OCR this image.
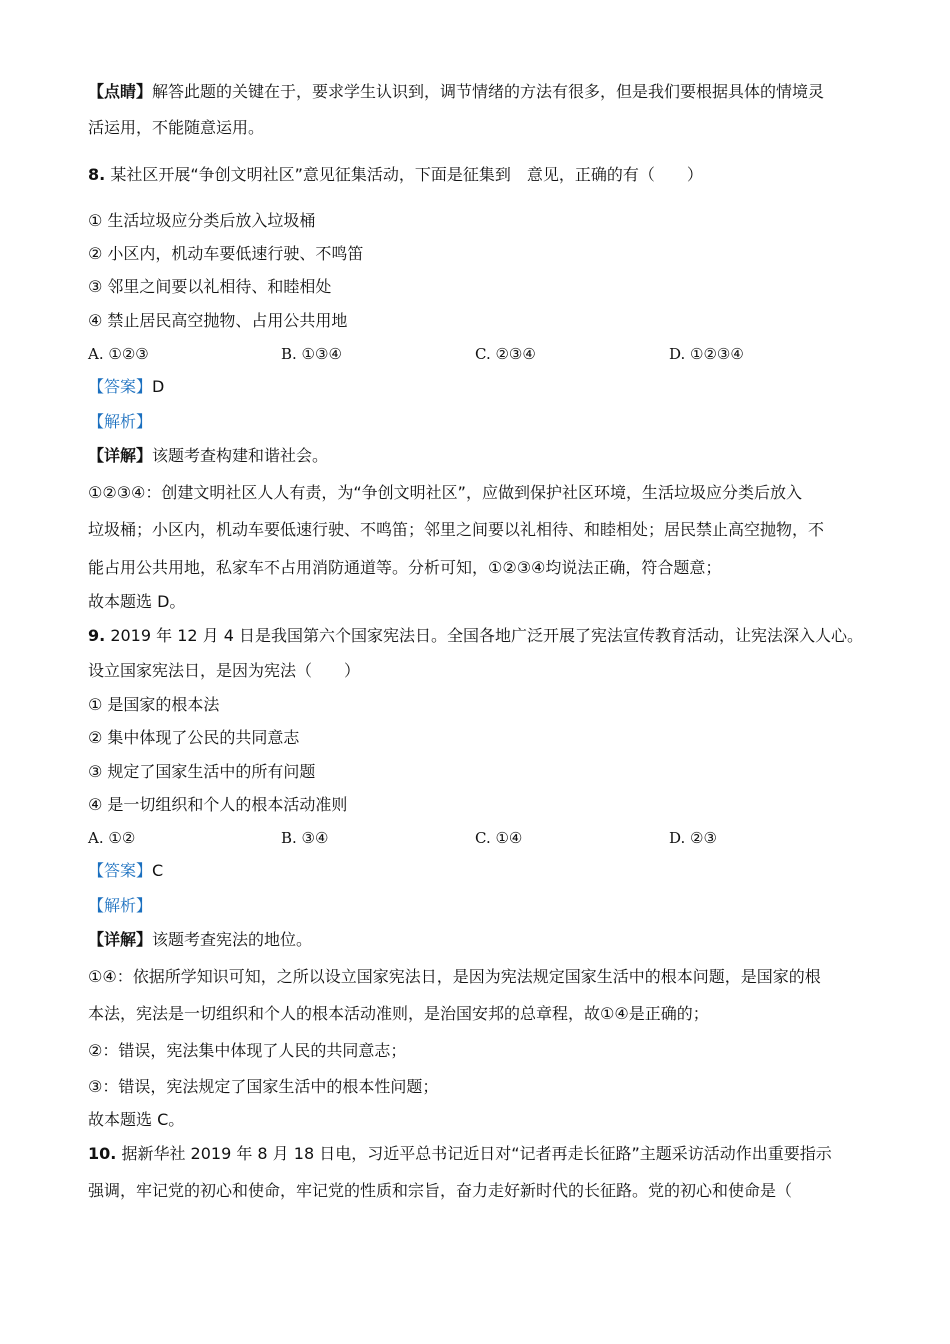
【点睛】解答此题的关键在于，要求学生认识到，调节情绪的方法有很多，但是我们要根据具体的情境灵
活运用，不能随意运用。
8. 某社区开展“争创文明社区”意见征集活动，下面是征集到　意见，正确的有（　　）
① 生活垃圾应分类后放入垃圾桶
② 小区内，机动车要低速行驶、不鸣笛
③ 邻里之间要以礼相待、和睦相处
④ 禁止居民高空抛物、占用公共用地
A. ①②③	B. ①③④	C. ②③④	D. ①②③④
【答案】D
【解析】
【详解】该题考查构建和谐社会。
①②③④：创建文明社区人人有责，为“争创文明社区”，应做到保护社区环境，生活垃圾应分类后放入
垃圾桶；小区内，机动车要低速行驶、不鸣笛；邻里之间要以礼相待、和睦相处；居民禁止高空抛物，不
能占用公共用地，私家车不占用消防通道等。分析可知，①②③④均说法正确，符合题意；
故本题选 D。
9. 2019 年 12 月 4 日是我国第六个国家宪法日。全国各地广泛开展了宪法宣传教育活动，让宪法深入人心。
设立国家宪法日，是因为宪法（　　）
① 是国家的根本法
② 集中体现了公民的共同意志
③ 规定了国家生活中的所有问题
④ 是一切组织和个人的根本活动准则
A. ①②	B. ③④	C. ①④	D. ②③
【答案】C
【解析】
【详解】该题考查宪法的地位。
①④：依据所学知识可知，之所以设立国家宪法日，是因为宪法规定国家生活中的根本问题，是国家的根
本法，宪法是一切组织和个人的根本活动准则，是治国安邦的总章程，故①④是正确的；
②：错误，宪法集中体现了人民的共同意志；
③：错误，宪法规定了国家生活中的根本性问题；
故本题选 C。
10. 据新华社 2019 年 8 月 18 日电，习近平总书记近日对“记者再走长征路”主题采访活动作出重要指示
强调，牢记党的初心和使命，牢记党的性质和宗旨，奋力走好新时代的长征路。党的初心和使命是（
